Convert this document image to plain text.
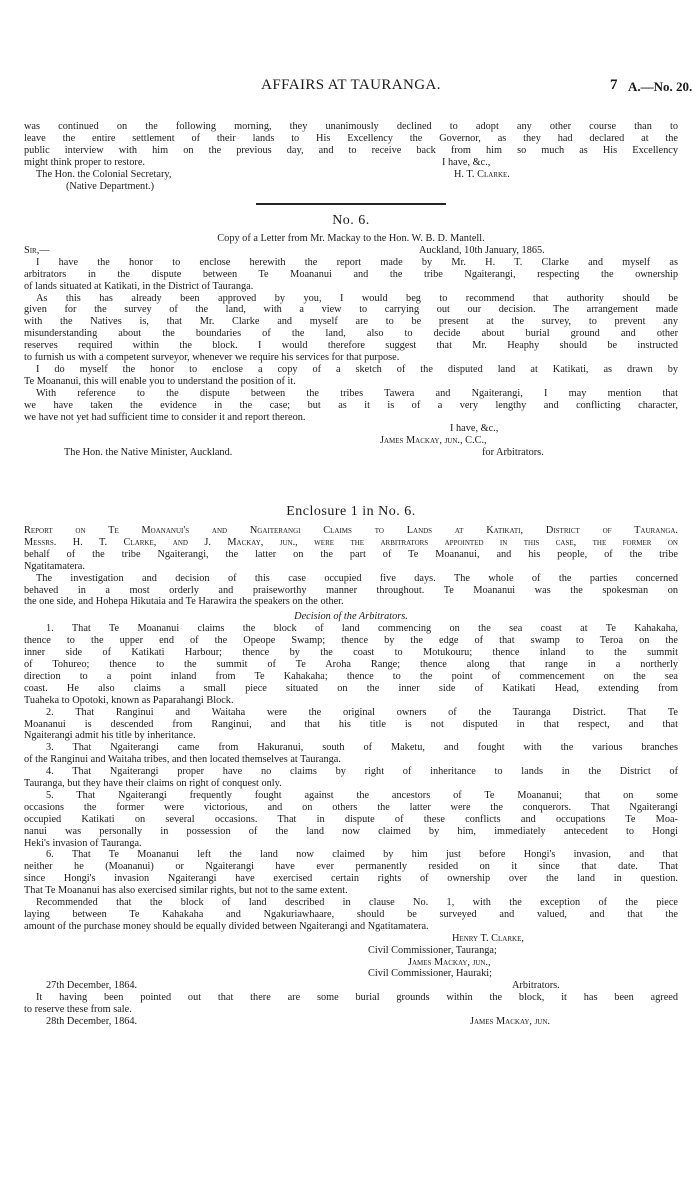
AFFAIRS AT TAURANGA.	7 A.—No. 20.

was continued on the following morning, they unanimously declined to adopt any other course than to

leave the entire settlement of their lands to His Excellency the Governor, as they had declared at the

public interview with him on the previous day, and to receive back from him so much as His Excellency

might think proper to restore.	I have, &c.,
The Hon. the Colonial Secretary,	H. T. Clarke.
(Native Department.)

No. 6.

Copy of a Letter from Mr. Mackay to the Hon. W. B. D. Mantell.

Sir,—	Auckland, 10th January, 1865.

I have the honor to enclose herewith the report made by Mr. H. T. Clarke and myself as

arbitrators in the dispute between Te Moananui and the tribe Ngaiterangi, respecting the ownership

of lands situated at Katikati, in the District of Tauranga.

As this has already been approved by you, I would beg to recommend that authority should be

given for the survey of the land, with a view to carrying out our decision. The arrangement made

with the Natives is, that Mr. Clarke and myself are to be present at the survey, to prevent any

misunderstanding about the boundaries of the land, also to decide about burial ground and other

reserves required within the block. I would therefore suggest that Mr. Heaphy should be instructed

to furnish us with a competent surveyor, whenever we require his services for that purpose.

I do myself the honor to enclose a copy of a sketch of the disputed land at Katikati, as drawn by

Te Moananui, this will enable you to understand the position of it.

With reference to the dispute between the tribes Tawera and Ngaiterangi, I may mention that

we have taken the evidence in the case; but as it is of a very lengthy and conflicting character,

we have not yet had sufficient time to consider it and report thereon.

I have, &c.,
James Mackay, jun., C.C.,
The Hon. the Native Minister, Auckland.	for Arbitrators.

Enclosure 1 in No. 6.

Report on Te Moananui's and Ngaiterangi Claims to Lands at Katikati, District of Tauranga.

Messrs. H. T. Clarke, and J. Mackay, jun., were the arbitrators appointed in this case, the former on

behalf of the tribe Ngaiterangi, the latter on the part of Te Moananui, and his people, of the tribe

Ngatitamatera.

The investigation and decision of this case occupied five days. The whole of the parties concerned

behaved in a most orderly and praiseworthy manner throughout. Te Moananui was the spokesman on

the one side, and Hohepa Hikutaia and Te Harawira the speakers on the other.

Decision of the Arbitrators.

1. That Te Moananui claims the block of land commencing on the sea coast at Te Kahakaha,

thence to the upper end of the Opeope Swamp; thence by the edge of that swamp to Teroa on the

inner side of Katikati Harbour; thence by the coast to Motukouru; thence inland to the summit

of Tohureo; thence to the summit of Te Aroha Range; thence along that range in a northerly

direction to a point inland from Te Kahakaha; thence to the point of commencement on the sea

coast. He also claims a small piece situated on the inner side of Katikati Head, extending from

Tuaheka to Opotoki, known as Paparahangi Block.

2. That Ranginui and Waitaha were the original owners of the Tauranga District. That Te

Moananui is descended from Ranginui, and that his title is not disputed in that respect, and that

Ngaiterangi admit his title by inheritance.

3. That Ngaiterangi came from Hakuranui, south of Maketu, and fought with the various branches

of the Ranginui and Waitaha tribes, and then located themselves at Tauranga.

4. That Ngaiterangi proper have no claims by right of inheritance to lands in the District of

Tauranga, but they have their claims on right of conquest only.

5. That Ngaiterangi frequently fought against the ancestors of Te Moananui; that on some

occasions the former were victorious, and on others the latter were the conquerors. That Ngaiterangi

occupied Katikati on several occasions. That in dispute of these conflicts and occupations Te Moa-

nanui was personally in possession of the land now claimed by him, immediately antecedent to Hongi

Heki's invasion of Tauranga.

6. That Te Moananui left the land now claimed by him just before Hongi's invasion, and that

neither he (Moananui) or Ngaiterangi have ever permanently resided on it since that date. That

since Hongi's invasion Ngaiterangi have exercised certain rights of ownership over the land in question.

That Te Moananui has also exercised similar rights, but not to the same extent.

Recommended that the block of land described in clause No. 1, with the exception of the piece

laying between Te Kahakaha and Ngakuriawhaare, should be surveyed and valued, and that the

amount of the purchase money should be equally divided between Ngaiterangi and Ngatitamatera.

Henry T. Clarke,
Civil Commissioner, Tauranga;
James Mackay, jun.,
Civil Commissioner, Hauraki;
27th December, 1864.	Arbitrators.

It having been pointed out that there are some burial grounds within the block, it has been agreed

to reserve these from sale.

28th December, 1864.	James Mackay, jun.
